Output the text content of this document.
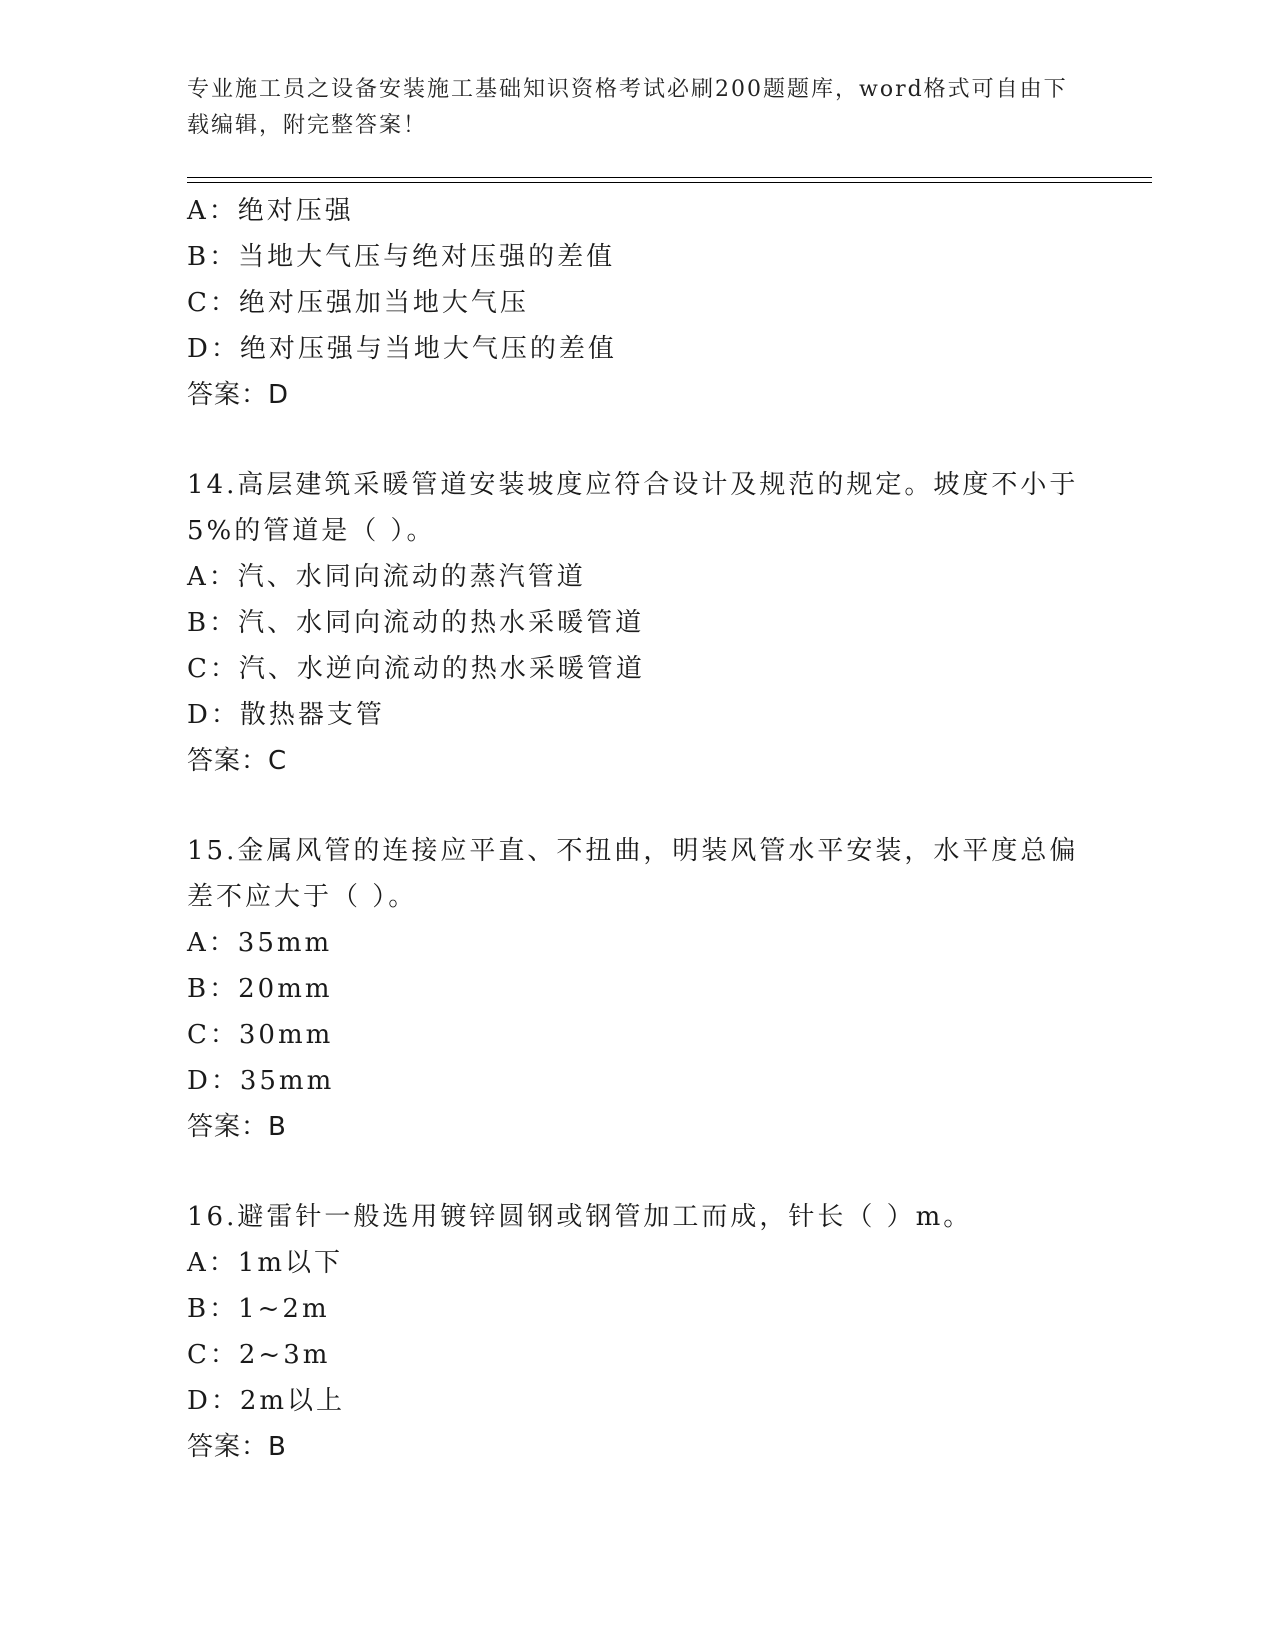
专业施工员之设备安装施工基础知识资格考试必刷200题题库，word格式可自由下载编辑，附完整答案！
A：绝对压强
B：当地大气压与绝对压强的差值
C：绝对压强加当地大气压
D：绝对压强与当地大气压的差值
答案：D
14.高层建筑采暖管道安装坡度应符合设计及规范的规定。坡度不小于5%的管道是（ ）。
A：汽、水同向流动的蒸汽管道
B：汽、水同向流动的热水采暖管道
C：汽、水逆向流动的热水采暖管道
D：散热器支管
答案：C
15.金属风管的连接应平直、不扭曲，明装风管水平安装，水平度总偏差不应大于（ ）。
A：35mm
B：20mm
C：30mm
D：35mm
答案：B
16.避雷针一般选用镀锌圆钢或钢管加工而成，针长（ ）m。
A：1m以下
B：1~2m
C：2~3m
D：2m以上
答案：B
